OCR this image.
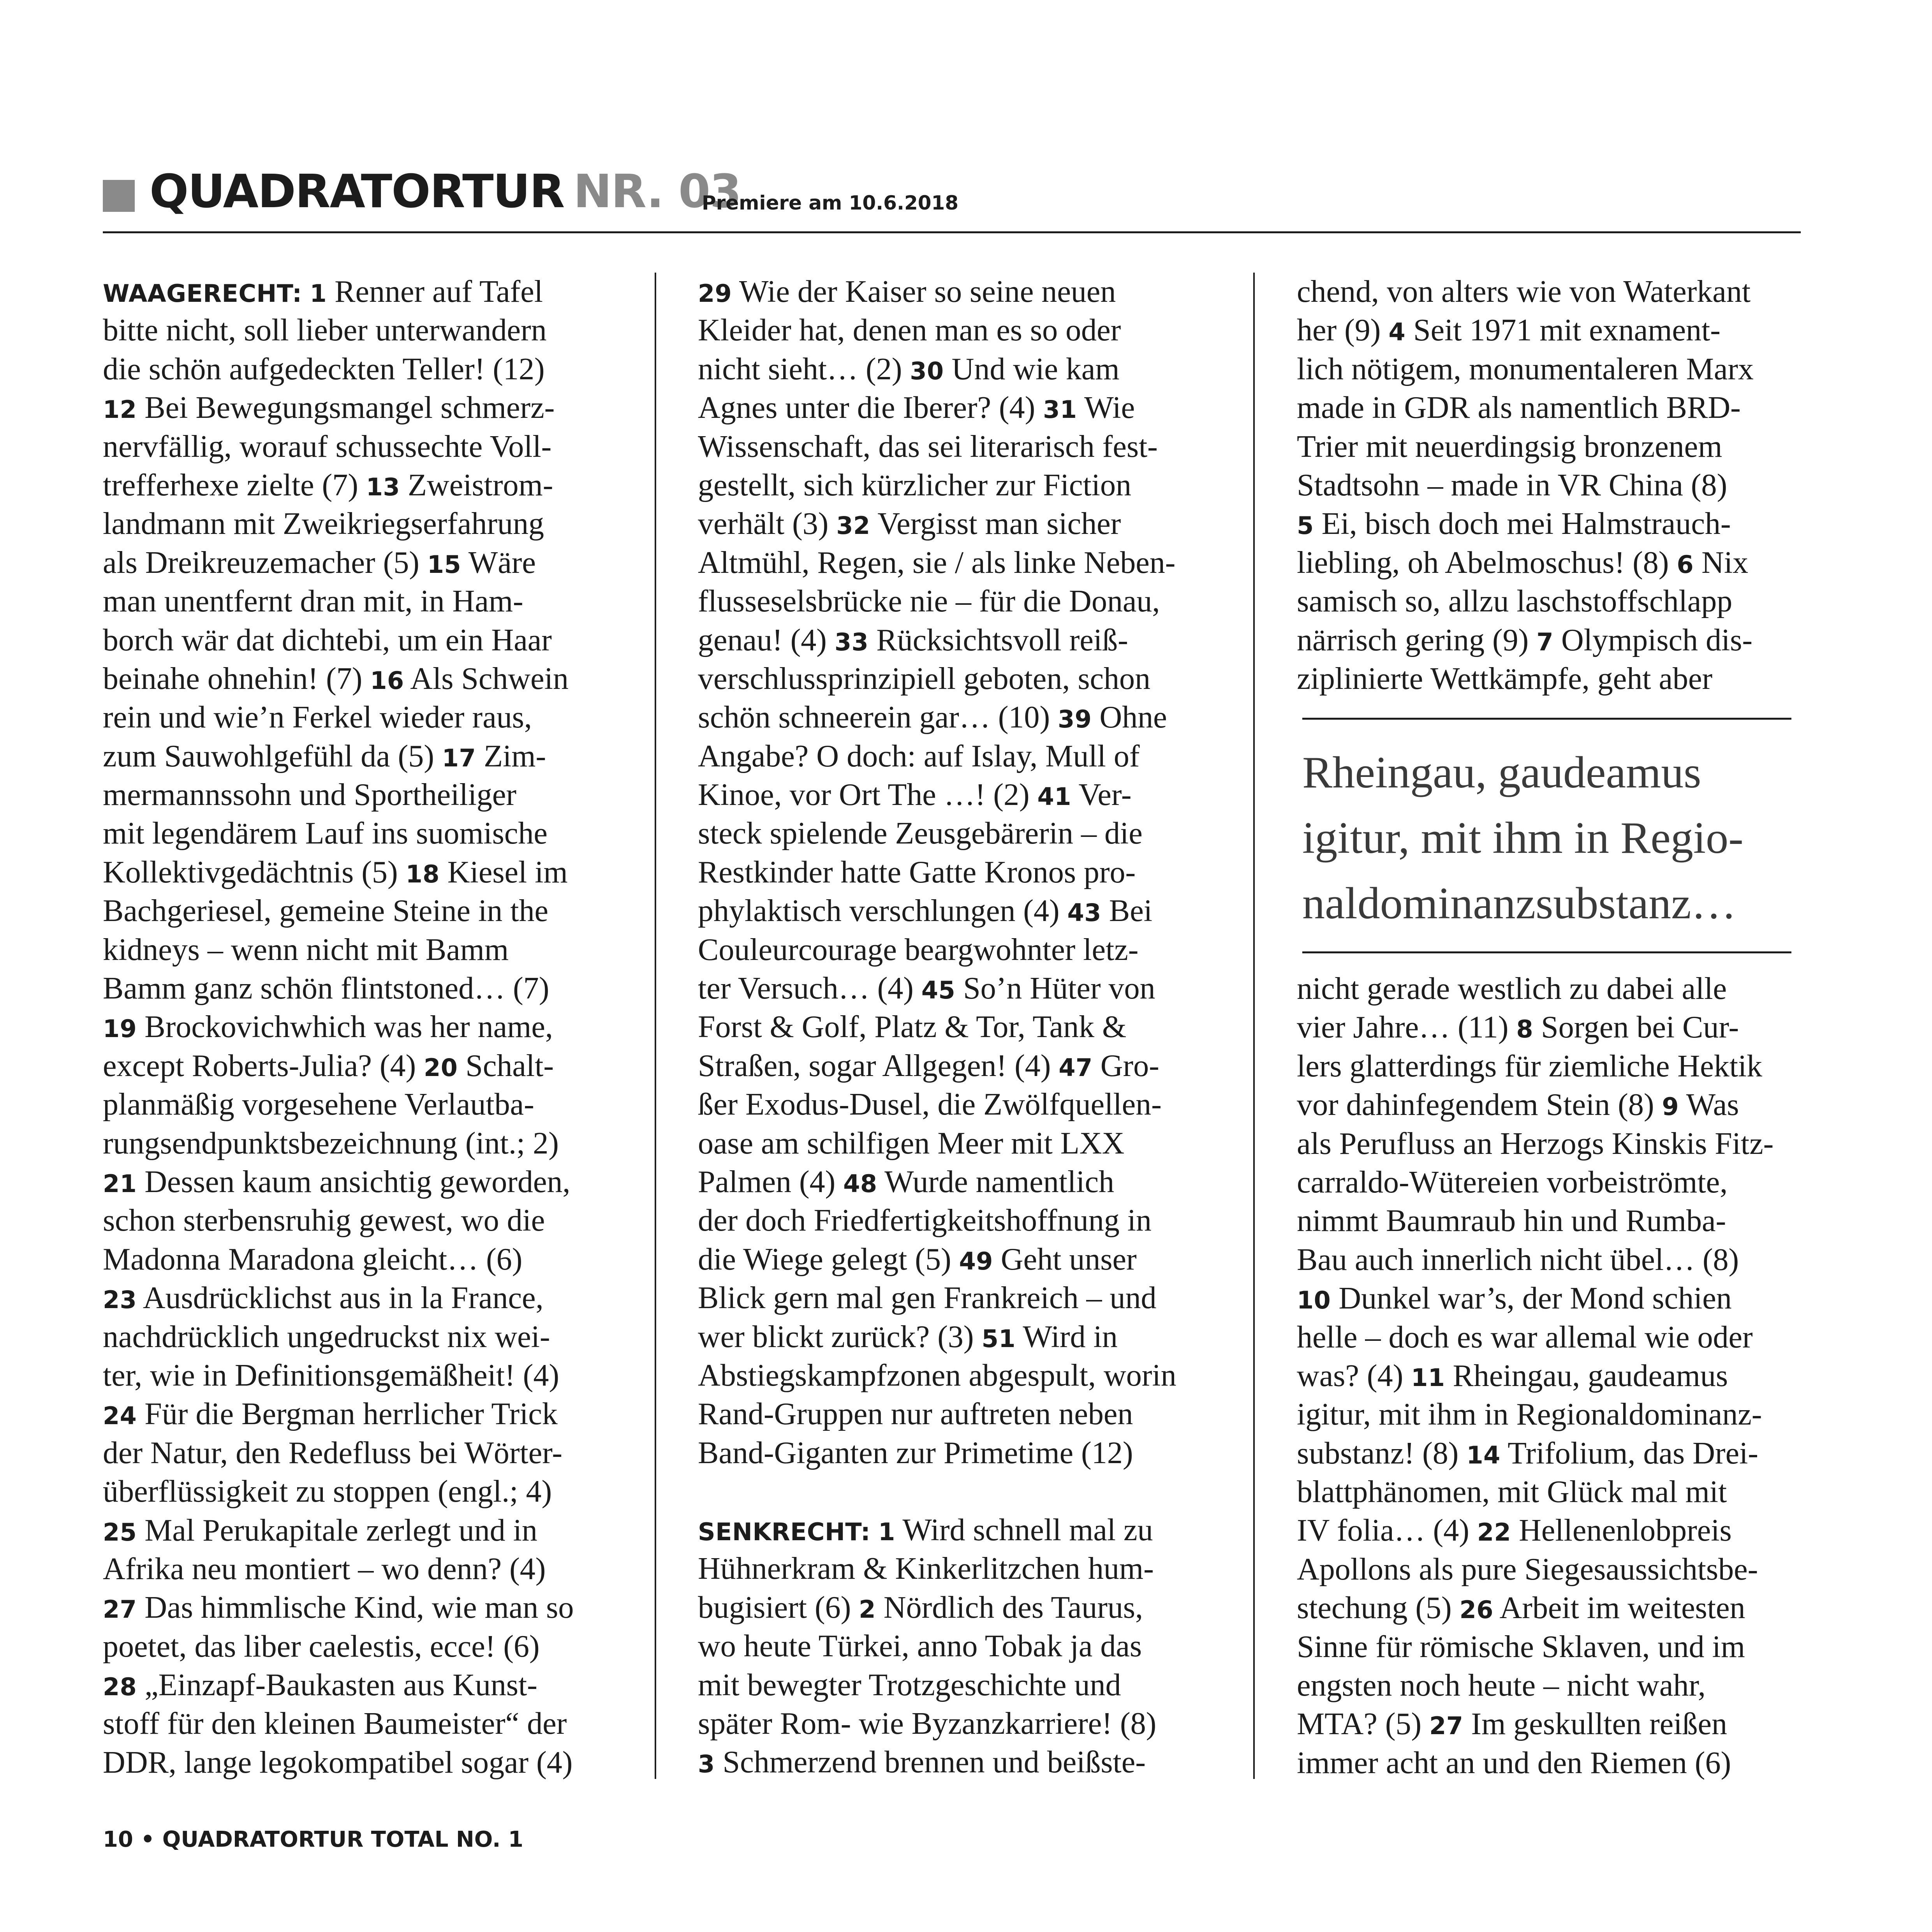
QUADRATORTUR NR. 03
Premiere am 10.6.2018
WAAGERECHT: 1 Renner auf Tafel
bitte nicht, soll lieber unterwandern
die schön aufgedeckten Teller! (12)
12 Bei Bewegungsmangel schmerz-
nervfällig, worauf schussechte Voll-
trefferhexe zielte (7) 13 Zweistrom-
landmann mit Zweikriegserfahrung
als Dreikreuzemacher (5) 15 Wäre
man unentfernt dran mit, in Ham-
borch wär dat dichtebi, um ein Haar
beinahe ohnehin! (7) 16 Als Schwein
rein und wie’n Ferkel wieder raus,
zum Sauwohlgefühl da (5) 17 Zim-
mermannssohn und Sportheiliger
mit legendärem Lauf ins suomische
Kollektivgedächtnis (5) 18 Kiesel im
Bachgeriesel, gemeine Steine in the
kidneys – wenn nicht mit Bamm
Bamm ganz schön flintstoned… (7)
19 Brockovichwhich was her name,
except Roberts-Julia? (4) 20 Schalt-
planmäßig vorgesehene Verlautba-
rungsendpunktsbezeichnung (int.; 2)
21 Dessen kaum ansichtig geworden,
schon sterbensruhig gewest, wo die
Madonna Maradona gleicht… (6)
23 Ausdrücklichst aus in la France,
nachdrücklich ungedruckst nix wei-
ter, wie in Definitionsgemäßheit! (4)
24 Für die Bergman herrlicher Trick
der Natur, den Redefluss bei Wörter-
überflüssigkeit zu stoppen (engl.; 4)
25 Mal Perukapitale zerlegt und in
Afrika neu montiert – wo denn? (4)
27 Das himmlische Kind, wie man so
poetet, das liber caelestis, ecce! (6)
28 „Einzapf-Baukasten aus Kunst-
stoff für den kleinen Baumeister“ der
DDR, lange legokompatibel sogar (4)
29 Wie der Kaiser so seine neuen
Kleider hat, denen man es so oder
nicht sieht… (2) 30 Und wie kam
Agnes unter die Iberer? (4) 31 Wie
Wissenschaft, das sei literarisch fest-
gestellt, sich kürzlicher zur Fiction
verhält (3) 32 Vergisst man sicher
Altmühl, Regen, sie / als linke Neben-
flusseselsbrücke nie – für die Donau,
genau! (4) 33 Rücksichtsvoll reiß-
verschlussprinzipiell geboten, schon
schön schneerein gar… (10) 39 Ohne
Angabe? O doch: auf Islay, Mull of
Kinoe, vor Ort The …! (2) 41 Ver-
steck spielende Zeusgebärerin – die
Restkinder hatte Gatte Kronos pro-
phylaktisch verschlungen (4) 43 Bei
Couleurcourage beargwohnter letz-
ter Versuch… (4) 45 So’n Hüter von
Forst & Golf, Platz & Tor, Tank &
Straßen, sogar Allgegen! (4) 47 Gro-
ßer Exodus-Dusel, die Zwölfquellen-
oase am schilfigen Meer mit LXX
Palmen (4) 48 Wurde namentlich
der doch Friedfertigkeitshoffnung in
die Wiege gelegt (5) 49 Geht unser
Blick gern mal gen Frankreich – und
wer blickt zurück? (3) 51 Wird in
Abstiegskampfzonen abgespult, worin
Rand-Gruppen nur auftreten neben
Band-Giganten zur Primetime (12)
SENKRECHT: 1 Wird schnell mal zu
Hühnerkram & Kinkerlitzchen hum-
bugisiert (6) 2 Nördlich des Taurus,
wo heute Türkei, anno Tobak ja das
mit bewegter Trotzgeschichte und
später Rom- wie Byzanzkarriere! (8)
3 Schmerzend brennen und beißste-
chend, von alters wie von Waterkant
her (9) 4 Seit 1971 mit exnament-
lich nötigem, monumentaleren Marx
made in GDR als namentlich BRD-
Trier mit neuerdingsig bronzenem
Stadtsohn – made in VR China (8)
5 Ei, bisch doch mei Halmstrauch-
liebling, oh Abelmoschus! (8) 6 Nix
samisch so, allzu laschstoffschlapp
närrisch gering (9) 7 Olympisch dis-
ziplinierte Wettkämpfe, geht aber
Rheingau, gaudeamus
igitur, mit ihm in Regio-
naldominanzsubstanz…
nicht gerade westlich zu dabei alle
vier Jahre… (11) 8 Sorgen bei Cur-
lers glatterdings für ziemliche Hektik
vor dahinfegendem Stein (8) 9 Was
als Perufluss an Herzogs Kinskis Fitz-
carraldo-Wütereien vorbeiströmte,
nimmt Baumraub hin und Rumba-
Bau auch innerlich nicht übel… (8)
10 Dunkel war’s, der Mond schien
helle – doch es war allemal wie oder
was? (4) 11 Rheingau, gaudeamus
igitur, mit ihm in Regionaldominanz-
substanz! (8) 14 Trifolium, das Drei-
blattphänomen, mit Glück mal mit
IV folia… (4) 22 Hellenenlobpreis
Apollons als pure Siegesaussichtsbe-
stechung (5) 26 Arbeit im weitesten
Sinne für römische Sklaven, und im
engsten noch heute – nicht wahr,
MTA? (5) 27 Im geskullten reißen
immer acht an und den Riemen (6)
10 • QUADRATORTUR TOTAL NO. 1
